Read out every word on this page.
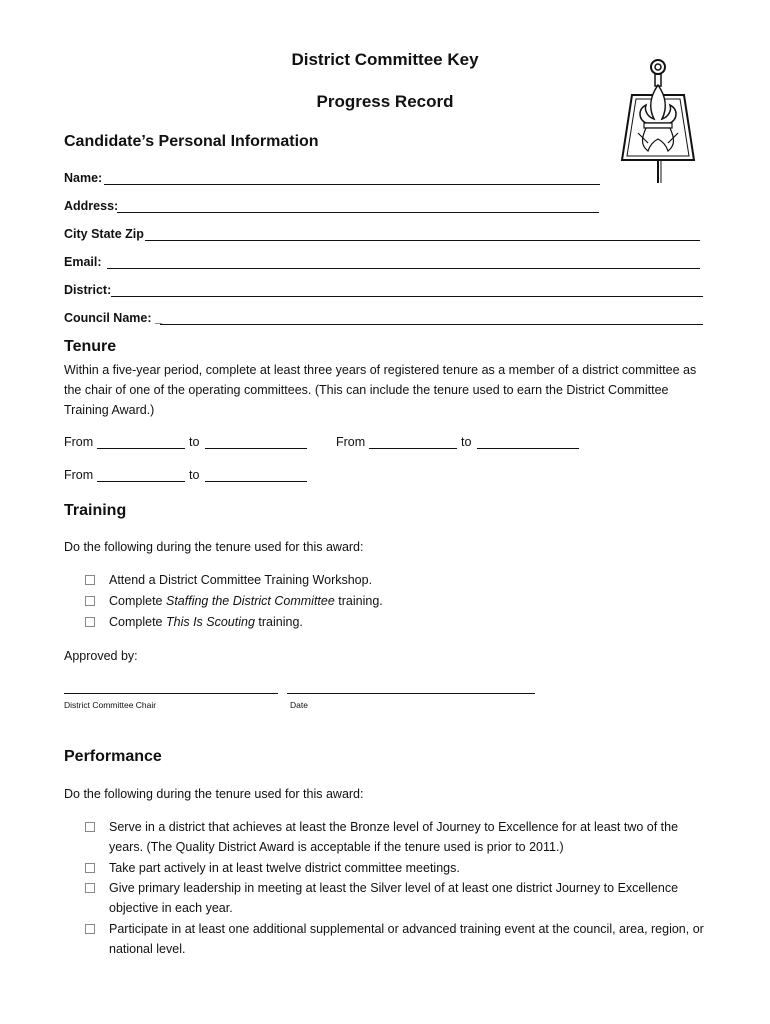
District Committee Key
Progress Record
Candidate’s Personal Information
Name:
Address:
City State Zip
Email:
District:
Council Name: _
Tenure
Within a five-year period, complete at least three years of registered tenure as a member of a district committee as the chair of one of the operating committees. (This can include the tenure used to earn the District Committee Training Award.)
From	to	From	to
From	to
Training
Do the following during the tenure used for this award:
Attend a District Committee Training Workshop.
Complete Staffing the District Committee training.
Complete This Is Scouting training.
Approved by:
District Committee Chair	Date
Performance
Do the following during the tenure used for this award:
Serve in a district that achieves at least the Bronze level of Journey to Excellence for at least two of the years. (The Quality District Award is acceptable if the tenure used is prior to 2011.)
Take part actively in at least twelve district committee meetings.
Give primary leadership in meeting at least the Silver level of at least one district Journey to Excellence objective in each year.
Participate in at least one additional supplemental or advanced training event at the council, area, region, or national level.
